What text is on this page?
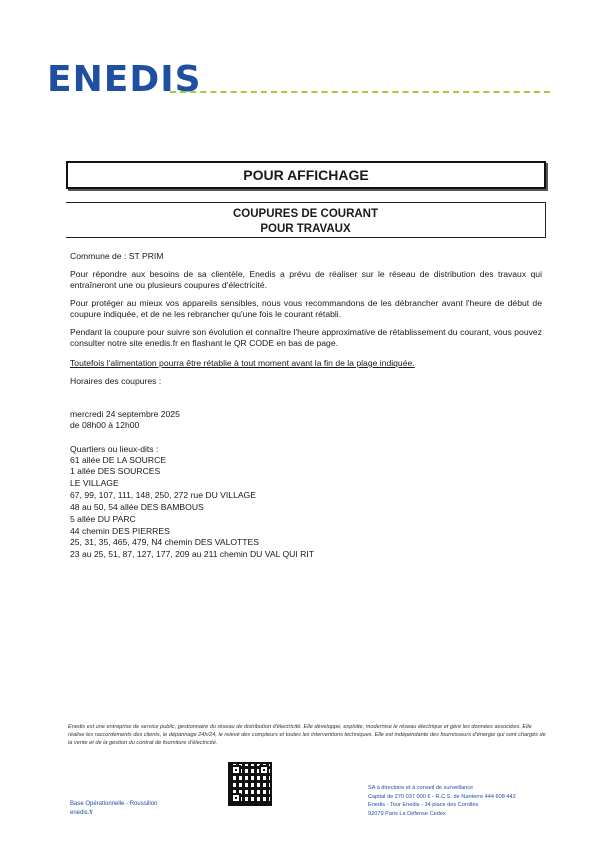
ENEDIS
POUR AFFICHAGE
COUPURES DE COURANT
POUR TRAVAUX
Commune de : ST PRIM
Pour répondre aux besoins de sa clientèle, Enedis a prévu de réaliser sur le réseau de distribution des travaux qui entraîneront une ou plusieurs coupures d'électricité.
Pour protéger au mieux vos appareils sensibles, nous vous recommandons de les débrancher avant l'heure de début de coupure indiquée, et de ne les rebrancher qu'une fois le courant rétabli.
Pendant la coupure pour suivre son évolution et connaître l'heure approximative de rétablissement du courant, vous pouvez consulter notre site enedis.fr en flashant le QR CODE en bas de page.
Toutefois l'alimentation pourra être rétablie à tout moment avant la fin de la plage indiquée.
Horaires des coupures :
mercredi 24 septembre 2025
de 08h00 à 12h00
Quartiers ou lieux-dits :
61 allée DE LA SOURCE
1 allée DES SOURCES
LE VILLAGE
67, 99, 107, 111, 148, 250, 272 rue DU VILLAGE
48 au 50, 54 allée DES BAMBOUS
5 allée DU PARC
44 chemin DES PIERRES
25, 31, 35, 465, 479, N4 chemin DES VALOTTES
23 au 25, 51, 87, 127, 177, 209 au 211 chemin DU VAL QUI RIT
Enedis est une entreprise de service public, gestionnaire du réseau de distribution d'électricité. Elle développe, exploite, modernise le réseau électrique et gère les données associées. Elle réalise les raccordements des clients, le dépannage 24h/24, le relevé des compteurs et toutes les interventions techniques. Elle est indépendante des fournisseurs d'énergie qui sont chargés de la vente et de la gestion du contrat de fourniture d'électricité.
Base Opérationnelle - Roussillon
enedis.fr
SA à directoire et à conseil de surveillance
Capital de 270 037 000 € - R.C.S. de Nanterre 444 608 442
Enedis - Tour Enedis - 34 place des Corolles
92079 Paris La Défense Cedex
